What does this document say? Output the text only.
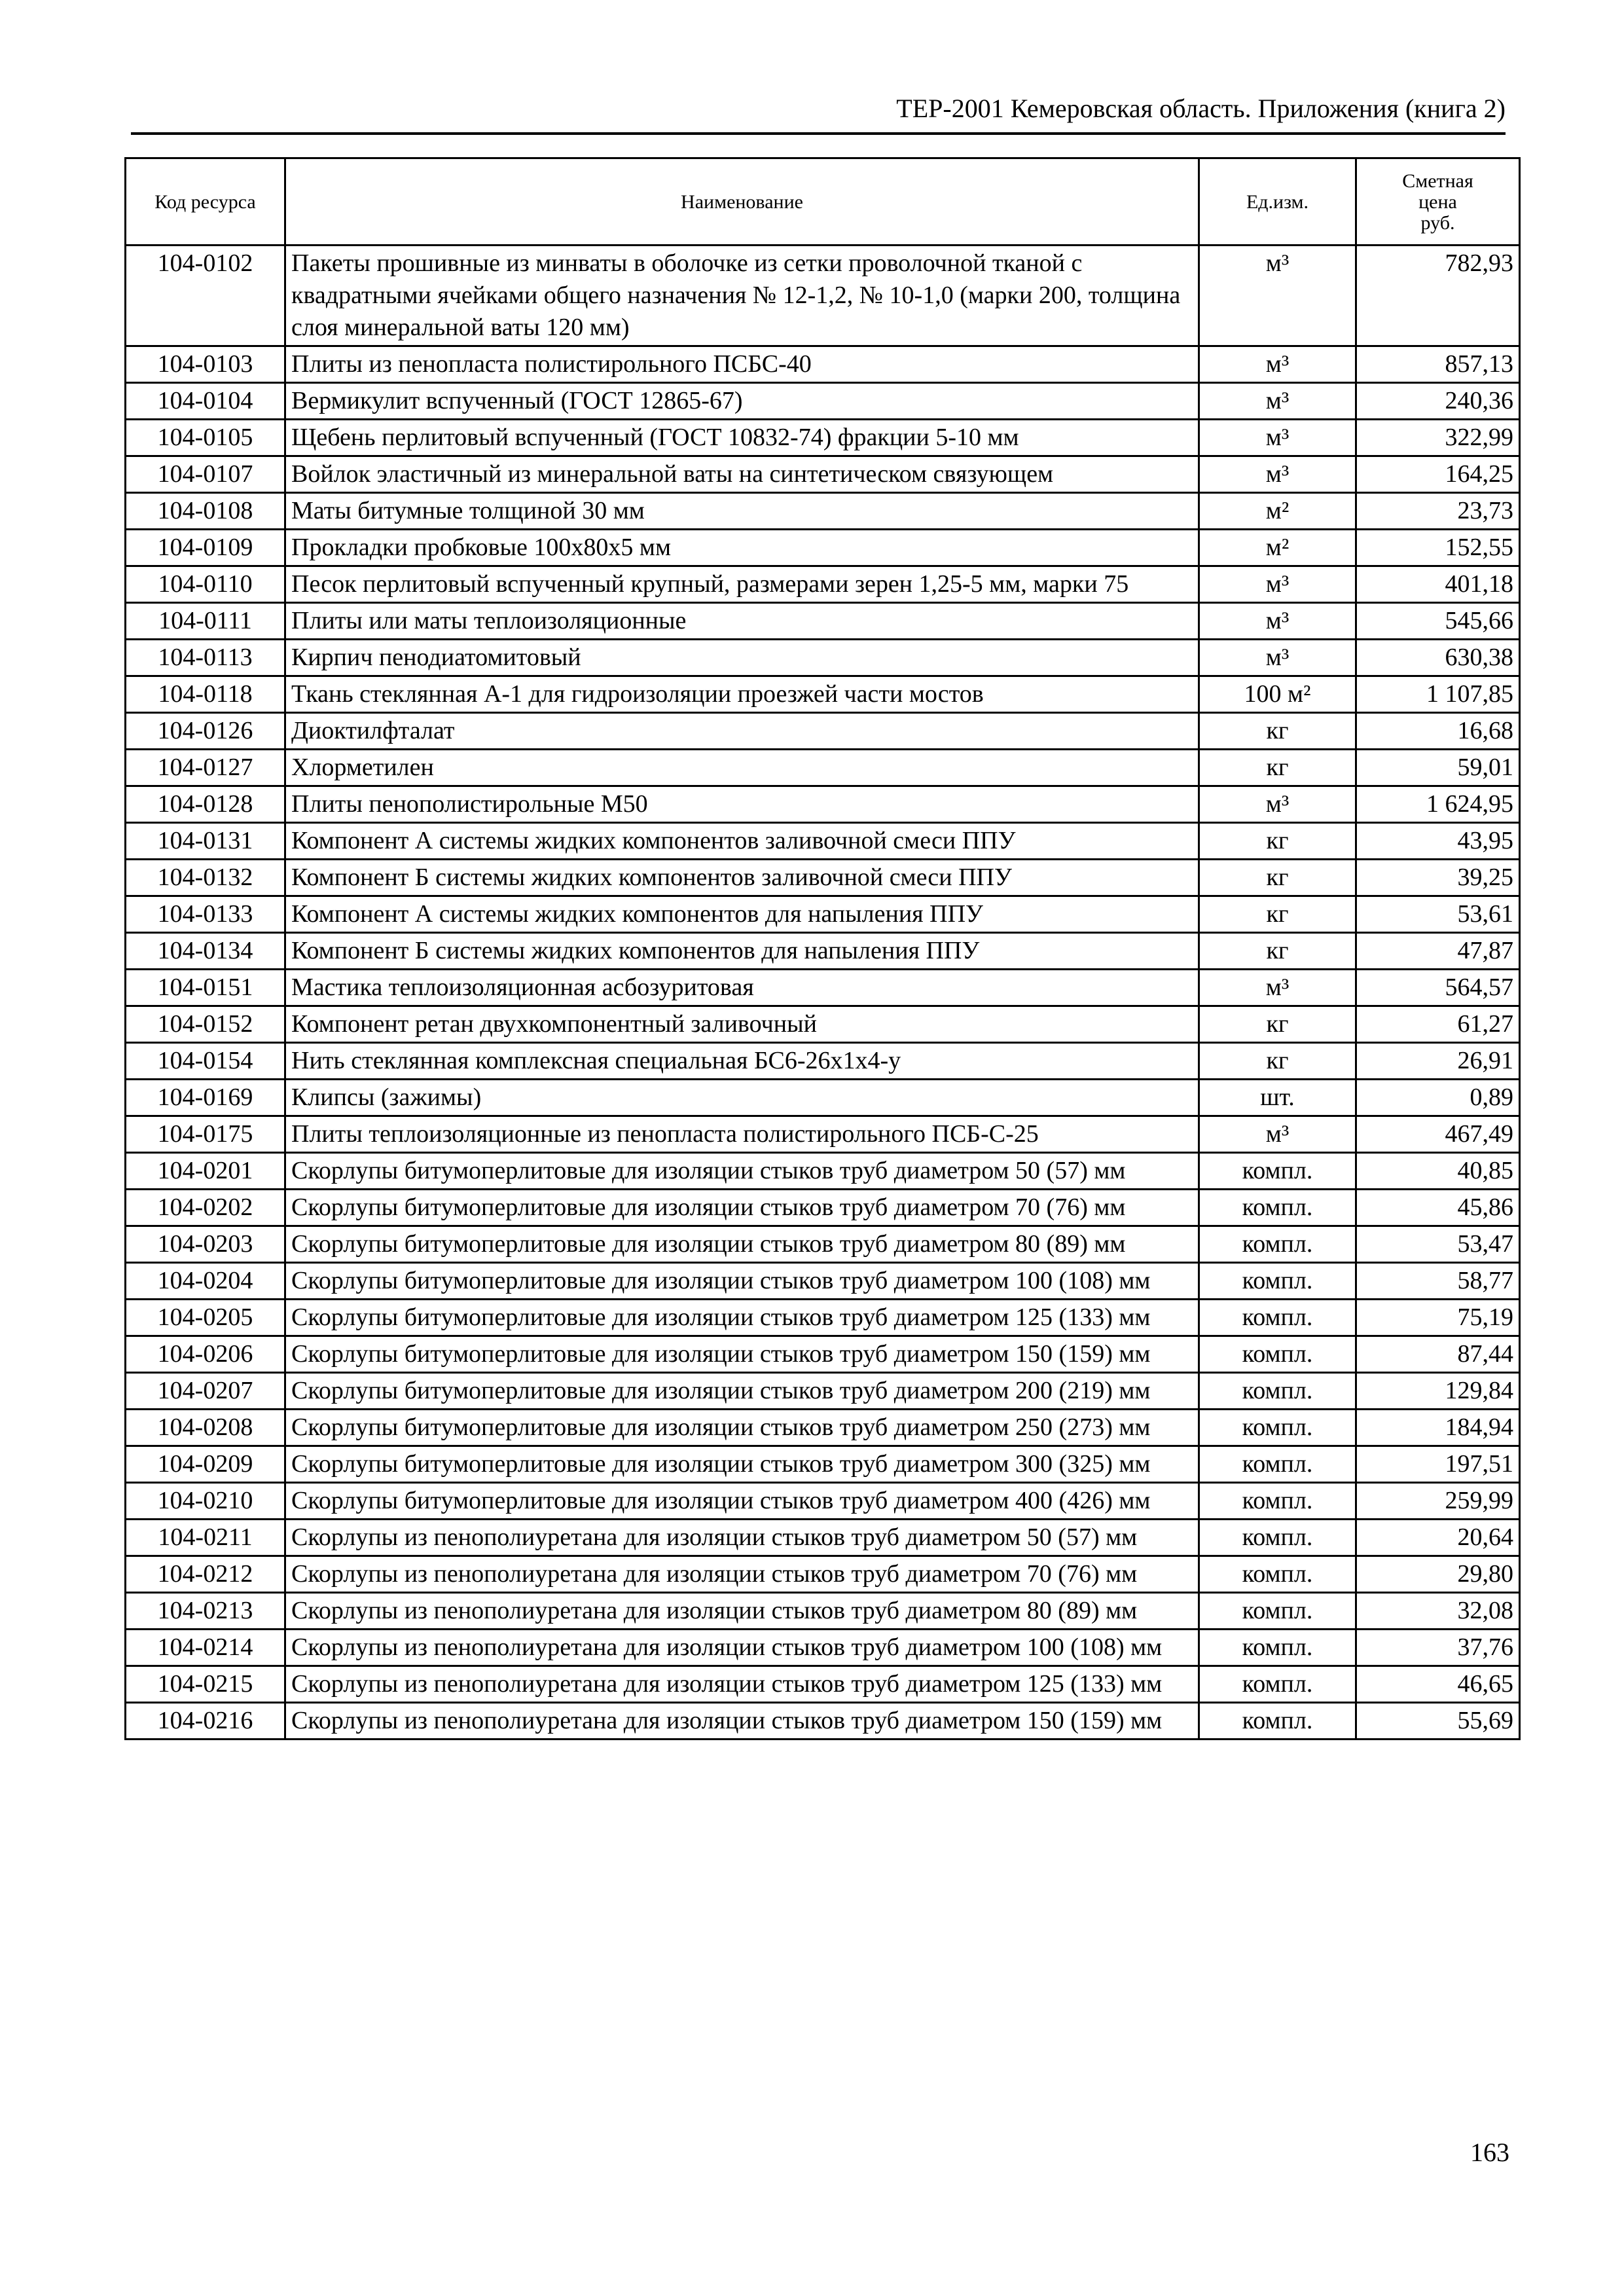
ТЕР-2001 Кемеровская область. Приложения (книга 2)
Код ресурса	Наименование	Ед.изм.	Сметная
цена
руб.

104-0102	Пакеты прошивные из минваты в оболочке из сетки проволочной тканой с квадратными ячейками общего назначения № 12-1,2, № 10-1,0 (марки 200, толщина слоя минеральной ваты 120 мм)	м³	782,93
104-0103	Плиты из пенопласта полистирольного ПСБС-40	м³	857,13
104-0104	Вермикулит вспученный (ГОСТ 12865-67)	м³	240,36
104-0105	Щебень перлитовый вспученный (ГОСТ 10832-74) фракции 5-10 мм	м³	322,99
104-0107	Войлок эластичный из минеральной ваты на синтетическом связующем	м³	164,25
104-0108	Маты битумные толщиной 30 мм	м²	23,73
104-0109	Прокладки пробковые 100x80x5 мм	м²	152,55
104-0110	Песок перлитовый вспученный крупный, размерами зерен 1,25-5 мм, марки 75	м³	401,18
104-0111	Плиты или маты теплоизоляционные	м³	545,66
104-0113	Кирпич пенодиатомитовый	м³	630,38
104-0118	Ткань стеклянная А-1 для гидроизоляции проезжей части мостов	100 м²	1 107,85
104-0126	Диоктилфталат	кг	16,68
104-0127	Хлорметилен	кг	59,01
104-0128	Плиты пенополистирольные М50	м³	1 624,95
104-0131	Компонент А системы жидких компонентов заливочной смеси ППУ	кг	43,95
104-0132	Компонент Б системы жидких компонентов заливочной смеси ППУ	кг	39,25
104-0133	Компонент А системы жидких компонентов для напыления ППУ	кг	53,61
104-0134	Компонент Б системы жидких компонентов для напыления ППУ	кг	47,87
104-0151	Мастика теплоизоляционная асбозуритовая	м³	564,57
104-0152	Компонент ретан двухкомпонентный заливочный	кг	61,27
104-0154	Нить стеклянная комплексная специальная БС6-26x1x4-у	кг	26,91
104-0169	Клипсы (зажимы)	шт.	0,89
104-0175	Плиты теплоизоляционные из пенопласта полистирольного ПСБ-С-25	м³	467,49
104-0201	Скорлупы битумоперлитовые для изоляции стыков труб диаметром 50 (57) мм	компл.	40,85
104-0202	Скорлупы битумоперлитовые для изоляции стыков труб диаметром 70 (76) мм	компл.	45,86
104-0203	Скорлупы битумоперлитовые для изоляции стыков труб диаметром 80 (89) мм	компл.	53,47
104-0204	Скорлупы битумоперлитовые для изоляции стыков труб диаметром 100 (108) мм	компл.	58,77
104-0205	Скорлупы битумоперлитовые для изоляции стыков труб диаметром 125 (133) мм	компл.	75,19
104-0206	Скорлупы битумоперлитовые для изоляции стыков труб диаметром 150 (159) мм	компл.	87,44
104-0207	Скорлупы битумоперлитовые для изоляции стыков труб диаметром 200 (219) мм	компл.	129,84
104-0208	Скорлупы битумоперлитовые для изоляции стыков труб диаметром 250 (273) мм	компл.	184,94
104-0209	Скорлупы битумоперлитовые для изоляции стыков труб диаметром 300 (325) мм	компл.	197,51
104-0210	Скорлупы битумоперлитовые для изоляции стыков труб диаметром 400 (426) мм	компл.	259,99
104-0211	Скорлупы из пенополиуретана для изоляции стыков труб диаметром 50 (57) мм	компл.	20,64
104-0212	Скорлупы из пенополиуретана для изоляции стыков труб диаметром 70 (76) мм	компл.	29,80
104-0213	Скорлупы из пенополиуретана для изоляции стыков труб диаметром 80 (89) мм	компл.	32,08
104-0214	Скорлупы из пенополиуретана для изоляции стыков труб диаметром 100 (108) мм	компл.	37,76
104-0215	Скорлупы из пенополиуретана для изоляции стыков труб диаметром 125 (133) мм	компл.	46,65
104-0216	Скорлупы из пенополиуретана для изоляции стыков труб диаметром 150 (159) мм	компл.	55,69
163
